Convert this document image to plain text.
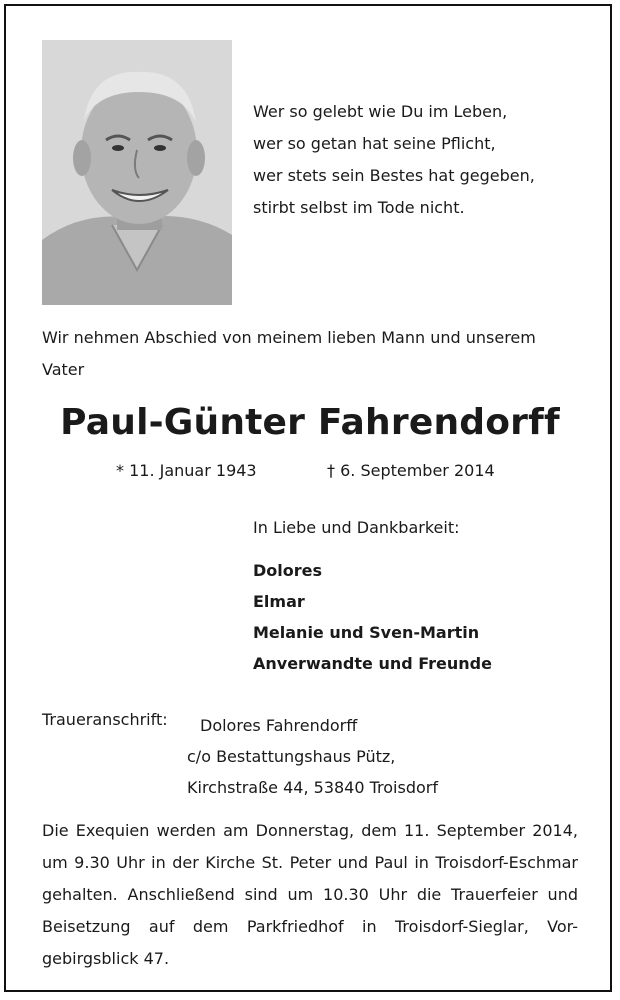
Wer so gelebt wie Du im Leben,
wer so getan hat seine Pflicht,
wer stets sein Bestes hat gegeben,
stirbt selbst im Tode nicht.
Wir nehmen Abschied von meinem lieben Mann und unserem
Vater
Paul-Günter Fahrendorff
* 11. Januar 1943	† 6. September 2014
In Liebe und Dankbarkeit:
Dolores
Elmar
Melanie und Sven-Martin
Anverwandte und Freunde
Traueranschrift: Dolores Fahrendorff
c/o Bestattungshaus Pütz,
Kirchstraße 44, 53840 Troisdorf
Die Exequien werden am Donnerstag, dem 11. September 2014,
um 9.30 Uhr in der Kirche St. Peter und Paul in Troisdorf-Eschmar
gehalten. Anschließend sind um 10.30 Uhr die Trauerfeier und
Beisetzung auf dem Parkfriedhof in Troisdorf-Sieglar, Vor-
gebirgsblick 47.
